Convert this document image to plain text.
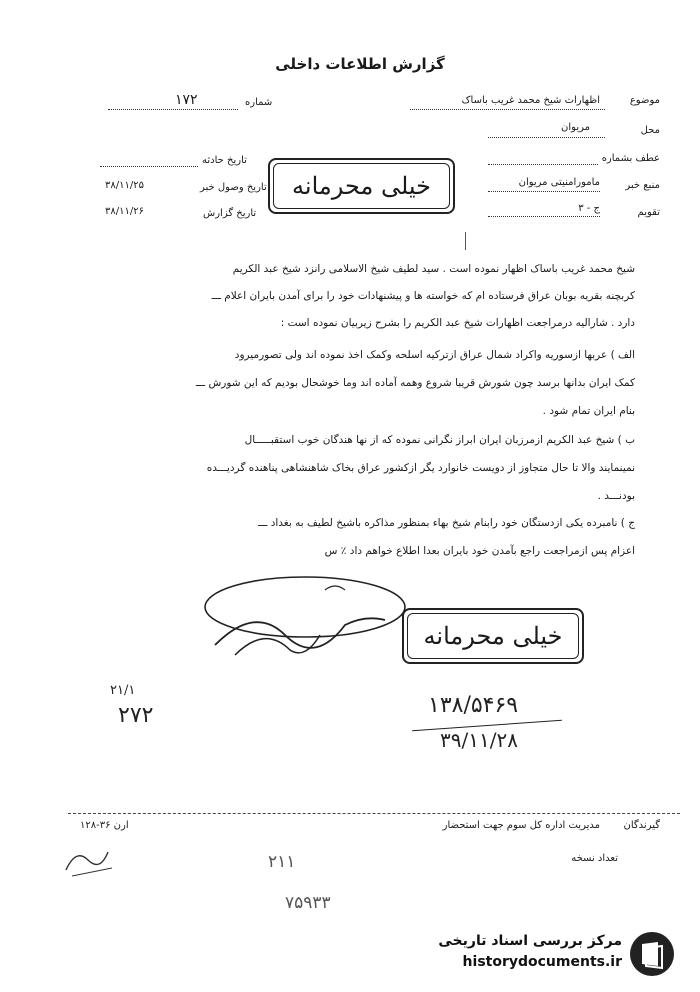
گزارش اطلاعات داخلی
موضوع
اظهارات شیخ محمد غریب باساک
محل
مریوان
عطف بشماره
منبع خبر
مامورامنیتی مریوان
تقویم
ج - ۳
شماره
۱۷۲
تاریخ حادثه
تاریخ وصول خبر
۳۸/۱۱/۲۵
تاریخ گزارش
۳۸/۱۱/۲۶
خیلی محرمانه
شیخ محمد غریب باساک اظهار نموده است . سید لطیف شیخ الاسلامی رانزد شیخ عبد الکریم
کربچنه بقریه بوبان عراق فرستاده ام که خواسته ها و پیشنهادات خود را برای آمدن بایران اعلام ـــ
دارد . شارالیه درمراجعت اظهارات شیخ عبد الکریم را بشرح زیربیان نموده است :
الف ) عربها ازسوریه واکراد شمال عراق ازترکیه اسلحه وکمک اخذ نموده اند ولی تصورمیرود
کمک ایران بدانها برسد چون شورش قریبا شروع وهمه آماده اند وما خوشحال بودیم که این شورش ـــ
بنام ایران تمام شود .
ب ) شیخ عبد الکریم ازمرزبان ایران ابراز نگرانی نموده که از نها هندگان خوب استقبـــــال
نمینمایند والا تا حال متجاوز از دویست خانوارد یگر ازکشور عراق بخاک شاهنشاهی پناهنده گردیـــده
بودنـــد .
ج ) نامبرده یکی ازدستگان خود رابنام شیخ بهاء بمنظور مذاکره باشیخ لطیف به بغداد ـــ
اعزام پس ازمراجعت راجع بآمدن خود بایران بعدا اطلاع خواهم داد ٪ س
خیلی محرمانه
۱۳۸/۵۴۶۹
۳۹/۱۱/۲۸
۲۷۲
۲۱/۱
گیرندگان
مدیریت اداره کل سوم جهت استحضار
۱۲۸-۳۶ ارن
تعداد نسخه
۲۱۱
۷۵۹۳۳
مرکز بررسی اسناد تاریخی
historydocuments.ir
